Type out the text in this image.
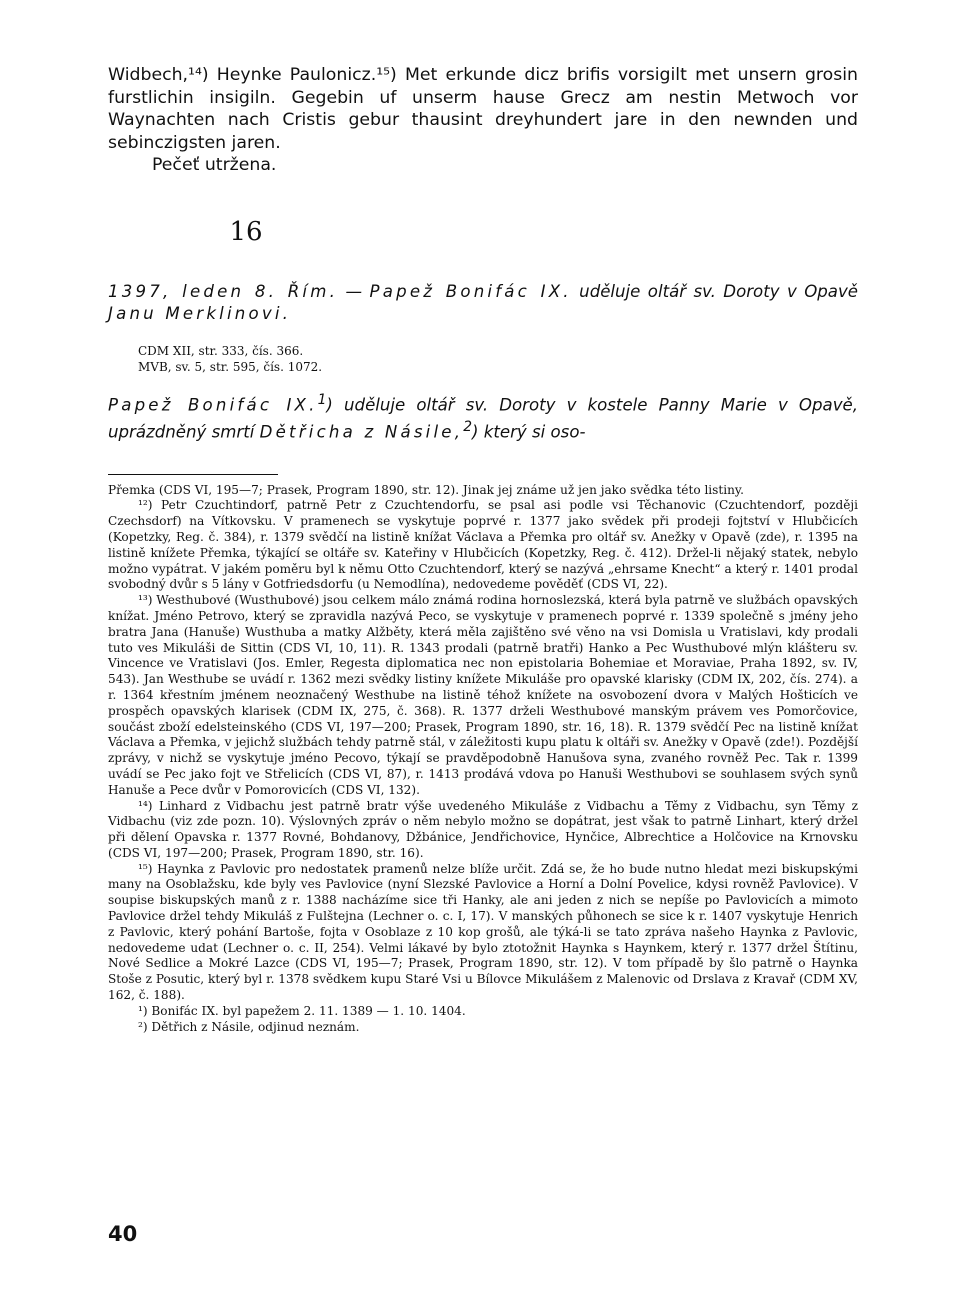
Widbech,¹⁴) Heynke Paulonicz.¹⁵) Met erkunde dicz brifis vorsigilt met unsern grosin furstlichin insigiln. Gegebin uf unserm hause Grecz am nestin Metwoch vor Waynachten nach Cristis gebur thausint dreyhundert jare in den newnden und sebinczigsten jaren.

Pečeť utržena.

16

1397, leden 8. Řím. — Papež Bonifác IX. uděluje oltář sv. Doroty v Opavě Janu Merklinovi.

CDM XII, str. 333, čís. 366.
MVB, sv. 5, str. 595, čís. 1072.

Papež Bonifác IX.$^1$) uděluje oltář sv. Doroty v kostele Panny Marie v Opavě, uprázdněný smrtí Dětřicha z Násile,$^2$) který si oso-

Přemka (CDS VI, 195—7; Prasek, Program 1890, str. 12). Jinak jej známe už jen jako svědka této listiny.

¹²) Petr Czuchtindorf, patrně Petr z Czuchtendorfu, se psal asi podle vsi Těchanovic (Czuchtendorf, později Czechsdorf) na Vítkovsku. V pramenech se vyskytuje poprvé r. 1377 jako svědek při prodeji fojtství v Hlubčicích (Kopetzky, Reg. č. 384), r. 1379 svědčí na listině knížat Václava a Přemka pro oltář sv. Anežky v Opavě (zde), r. 1395 na listině knížete Přemka, týkající se oltáře sv. Kateřiny v Hlubčicích (Kopetzky, Reg. č. 412). Držel-li nějaký statek, nebylo možno vypátrat. V jakém poměru byl k němu Otto Czuchtendorf, který se nazývá „ehrsame Knecht“ a který r. 1401 prodal svobodný dvůr s 5 lány v Gotfriedsdorfu (u Nemodlína), nedovedeme pověděť (CDS VI, 22).

¹³) Westhubové (Wusthubové) jsou celkem málo známá rodina hornoslezská, která byla patrně ve službách opavských knížat. Jméno Petrovo, který se zpravidla nazývá Peco, se vyskytuje v pramenech poprvé r. 1339 společně s jmény jeho bratra Jana (Hanuše) Wusthuba a matky Alžběty, která měla zajištěno své věno na vsi Domisla u Vratislavi, kdy prodali tuto ves Mikuláši de Sittin (CDS VI, 10, 11). R. 1343 prodali (patrně bratři) Hanko a Pec Wusthubové mlýn klášteru sv. Vincence ve Vratislavi (Jos. Emler, Regesta diplomatica nec non epistolaria Bohemiae et Moraviae, Praha 1892, sv. IV, 543). Jan Westhube se uvádí r. 1362 mezi svědky listiny knížete Mikuláše pro opavské klarisky (CDM IX, 202, čís. 274). a r. 1364 křestním jménem neoznačený Westhube na listině téhož knížete na osvobození dvora v Malých Hošticích ve prospěch opavských klarisek (CDM IX, 275, č. 368). R. 1377 drželi Westhubové manským právem ves Pomorčovice, součást zboží edelsteinského (CDS VI, 197—200; Prasek, Program 1890, str. 16, 18). R. 1379 svědčí Pec na listině knížat Václava a Přemka, v jejichž službách tehdy patrně stál, v záležitosti kupu platu k oltáři sv. Anežky v Opavě (zde!). Pozdější zprávy, v nichž se vyskytuje jméno Pecovo, týkají se pravděpodobně Hanušova syna, zvaného rovněž Pec. Tak r. 1399 uvádí se Pec jako fojt ve Střelicích (CDS VI, 87), r. 1413 prodává vdova po Hanuši Westhubovi se souhlasem svých synů Hanuše a Pece dvůr v Pomorovicích (CDS VI, 132).

¹⁴) Linhard z Vidbachu jest patrně bratr výše uvedeného Mikuláše z Vidbachu a Těmy z Vidbachu, syn Těmy z Vidbachu (viz zde pozn. 10). Výslovných zpráv o něm nebylo možno se dopátrat, jest však to patrně Linhart, který držel při dělení Opavska r. 1377 Rovné, Bohdanovy, Džbánice, Jendřichovice, Hynčice, Albrechtice a Holčovice na Krnovsku (CDS VI, 197—200; Prasek, Program 1890, str. 16).

¹⁵) Haynka z Pavlovic pro nedostatek pramenů nelze blíže určit. Zdá se, že ho bude nutno hledat mezi biskupskými many na Osoblažsku, kde byly ves Pavlovice (nyní Slezské Pavlovice a Horní a Dolní Povelice, kdysi rovněž Pavlovice). V soupise biskupských manů z r. 1388 nacházíme sice tři Hanky, ale ani jeden z nich se nepíše po Pavlovicích a mimoto Pavlovice držel tehdy Mikuláš z Fulštejna (Lechner o. c. I, 17). V manských půhonech se sice k r. 1407 vyskytuje Henrich z Pavlovic, který pohání Bartoše, fojta v Osoblaze z 10 kop grošů, ale týká-li se tato zpráva našeho Haynka z Pavlovic, nedovedeme udat (Lechner o. c. II, 254). Velmi lákavé by bylo ztotožnit Haynka s Haynkem, který r. 1377 držel Štítinu, Nové Sedlice a Mokré Lazce (CDS VI, 195—7; Prasek, Program 1890, str. 12). V tom případě by šlo patrně o Haynka Stoše z Posutic, který byl r. 1378 svědkem kupu Staré Vsi u Bílovce Mikulášem z Malenovic od Drslava z Kravař (CDM XV, 162, č. 188).

¹) Bonifác IX. byl papežem 2. 11. 1389 — 1. 10. 1404.

²) Dětřich z Násile, odjinud neznám.

40
